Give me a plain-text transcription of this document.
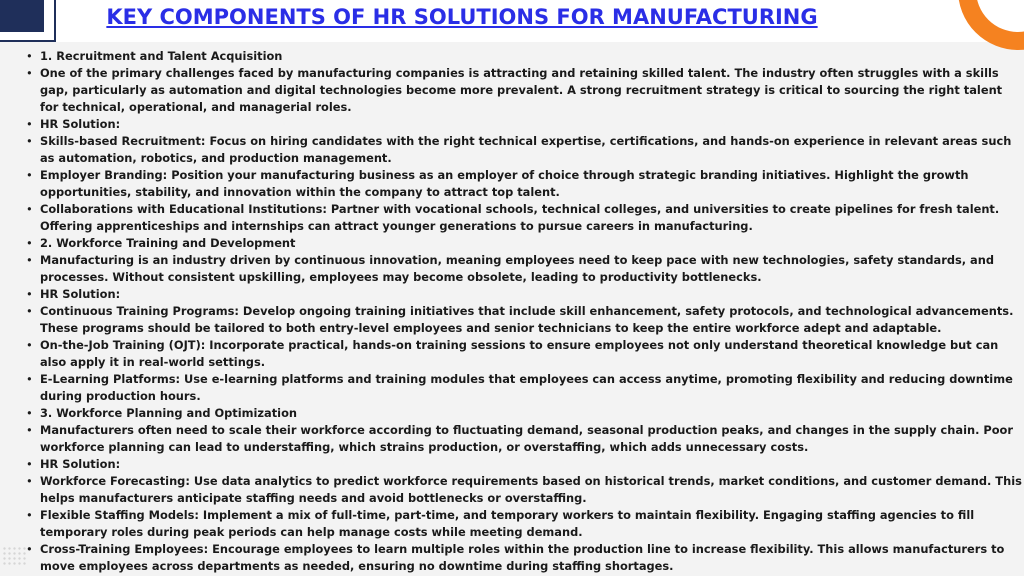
KEY COMPONENTS OF HR SOLUTIONS FOR MANUFACTURING
• 1. Recruitment and Talent Acquisition
• One of the primary challenges faced by manufacturing companies is attracting and retaining skilled talent. The industry often struggles with a skills gap, particularly as automation and digital technologies become more prevalent. A strong recruitment strategy is critical to sourcing the right talent for technical, operational, and managerial roles.
• HR Solution:
• Skills-based Recruitment: Focus on hiring candidates with the right technical expertise, certifications, and hands-on experience in relevant areas such as automation, robotics, and production management.
• Employer Branding: Position your manufacturing business as an employer of choice through strategic branding initiatives. Highlight the growth opportunities, stability, and innovation within the company to attract top talent.
• Collaborations with Educational Institutions: Partner with vocational schools, technical colleges, and universities to create pipelines for fresh talent. Offering apprenticeships and internships can attract younger generations to pursue careers in manufacturing.
• 2. Workforce Training and Development
• Manufacturing is an industry driven by continuous innovation, meaning employees need to keep pace with new technologies, safety standards, and processes. Without consistent upskilling, employees may become obsolete, leading to productivity bottlenecks.
• HR Solution:
• Continuous Training Programs: Develop ongoing training initiatives that include skill enhancement, safety protocols, and technological advancements. These programs should be tailored to both entry-level employees and senior technicians to keep the entire workforce adept and adaptable.
• On-the-Job Training (OJT): Incorporate practical, hands-on training sessions to ensure employees not only understand theoretical knowledge but can also apply it in real-world settings.
• E-Learning Platforms: Use e-learning platforms and training modules that employees can access anytime, promoting flexibility and reducing downtime during production hours.
• 3. Workforce Planning and Optimization
• Manufacturers often need to scale their workforce according to fluctuating demand, seasonal production peaks, and changes in the supply chain. Poor workforce planning can lead to understaffing, which strains production, or overstaffing, which adds unnecessary costs.
• HR Solution:
• Workforce Forecasting: Use data analytics to predict workforce requirements based on historical trends, market conditions, and customer demand. This helps manufacturers anticipate staffing needs and avoid bottlenecks or overstaffing.
• Flexible Staffing Models: Implement a mix of full-time, part-time, and temporary workers to maintain flexibility. Engaging staffing agencies to fill temporary roles during peak periods can help manage costs while meeting demand.
• Cross-Training Employees: Encourage employees to learn multiple roles within the production line to increase flexibility. This allows manufacturers to move employees across departments as needed, ensuring no downtime during staffing shortages.
